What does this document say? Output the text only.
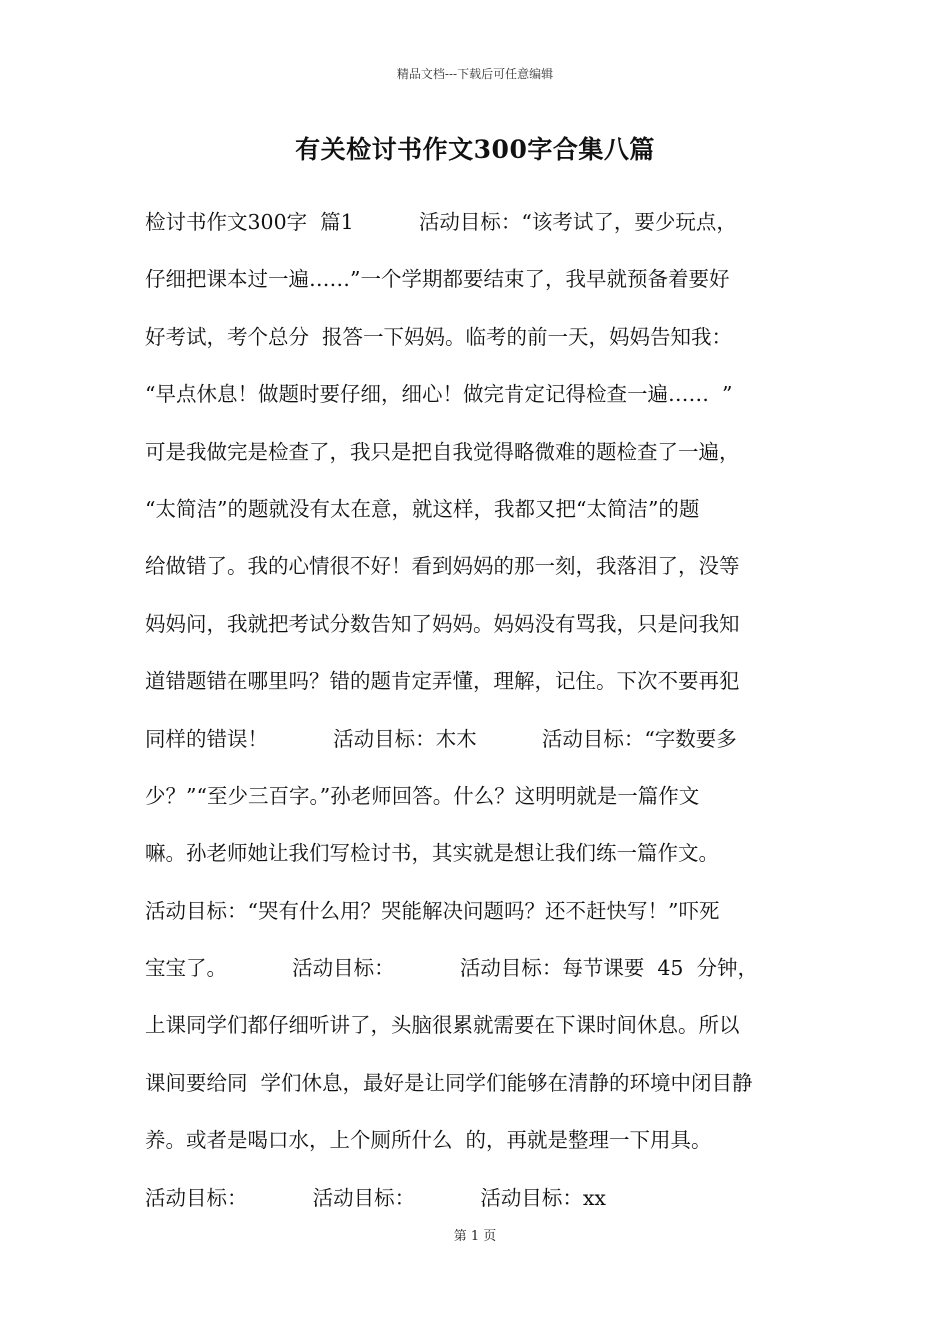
精品文档---下载后可任意编辑
有关检讨书作文300字合集八篇
检讨书作文300字  篇1          活动目标：“该考试了，要少玩点，
仔细把课本过一遍……”一个学期都要结束了，我早就预备着要好
好考试，考个总分  报答一下妈妈。临考的前一天，妈妈告知我：
“早点休息！做题时要仔细，细心！做完肯定记得检查一遍……  ”
可是我做完是检查了，我只是把自我觉得略微难的题检查了一遍，
“太简洁”的题就没有太在意，就这样，我都又把“太简洁”的题
给做错了。我的心情很不好！看到妈妈的那一刻，我落泪了，没等
妈妈问，我就把考试分数告知了妈妈。妈妈没有骂我，只是问我知
道错题错在哪里吗？错的题肯定弄懂，理解，记住。下次不要再犯
同样的错误！          活动目标：木木          活动目标：“字数要多
少？”“至少三百字。”孙老师回答。什么？这明明就是一篇作文
嘛。孙老师她让我们写检讨书，其实就是想让我们练一篇作文。
活动目标：“哭有什么用？哭能解决问题吗？还不赶快写！”吓死
宝宝了。          活动目标：          活动目标：每节课要  45  分钟，
上课同学们都仔细听讲了，头脑很累就需要在下课时间休息。所以
课间要给同  学们休息，最好是让同学们能够在清静的环境中闭目静
养。或者是喝口水，上个厕所什么  的，再就是整理一下用具。
活动目标：          活动目标：          活动目标：xx
第 1 页
